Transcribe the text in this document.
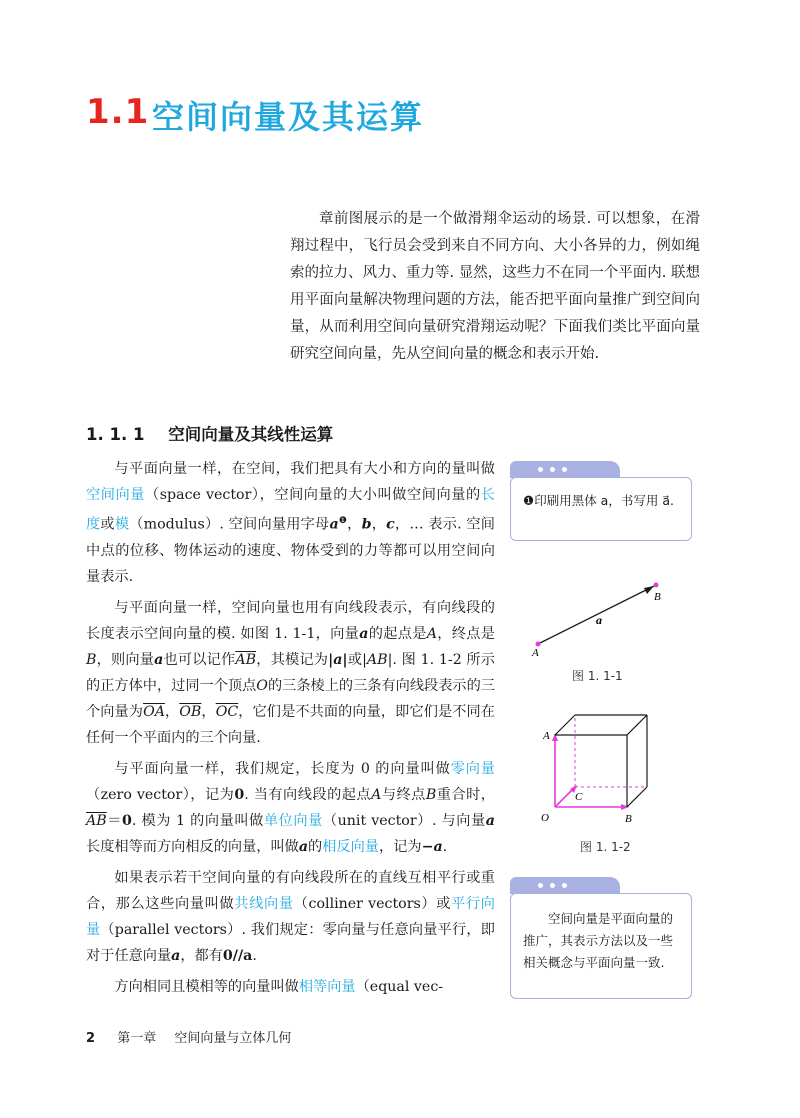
1.1 空间向量及其运算
章前图展示的是一个做滑翔伞运动的场景. 可以想象，在滑翔过程中，飞行员会受到来自不同方向、大小各异的力，例如绳索的拉力、风力、重力等. 显然，这些力不在同一个平面内. 联想用平面向量解决物理问题的方法，能否把平面向量推广到空间向量，从而利用空间向量研究滑翔运动呢？下面我们类比平面向量研究空间向量，先从空间向量的概念和表示开始.
1. 1. 1 空间向量及其线性运算

与平面向量一样，在空间，我们把具有大小和方向的量叫做空间向量（space vector），空间向量的大小叫做空间向量的长度或模（modulus）. 空间向量用字母$a^❶$，b，c，… 表示. 空间中点的位移、物体运动的速度、物体受到的力等都可以用空间向量表示.

与平面向量一样，空间向量也用有向线段表示，有向线段的长度表示空间向量的模. 如图 1. 1-1，向量a的起点是A，终点是B，则向量a也可以记作$\overline{AB}$，其模记为|a|或|AB|. 图 1. 1-2 所示的正方体中，过同一个顶点O的三条棱上的三条有向线段表示的三个向量为$\overline{OA}$，$\overline{OB}$，$\overline{OC}$，它们是不共面的向量，即它们是不同在任何一个平面内的三个向量.

与平面向量一样，我们规定，长度为 0 的向量叫做零向量（zero vector），记为0. 当有向线段的起点A与终点B重合时，$\overline{AB}=0$. 模为 1 的向量叫做单位向量（unit vector）. 与向量a长度相等而方向相反的向量，叫做a的相反向量，记为−a.

如果表示若干空间向量的有向线段所在的直线互相平行或重合，那么这些向量叫做共线向量（colliner vectors）或平行向量（parallel vectors）. 我们规定：零向量与任意向量平行，即对于任意向量a，都有0//a.

方向相同且模相等的向量叫做相等向量（equal vec-

❶印刷用黑体 a，书写用 a⃗.
A
B
a
图 1. 1-1
A
O	B
C
图 1. 1-2
空间向量是平面向量的推广，其表示方法以及一些相关概念与平面向量一致.
2 第一章 空间向量与立体几何
